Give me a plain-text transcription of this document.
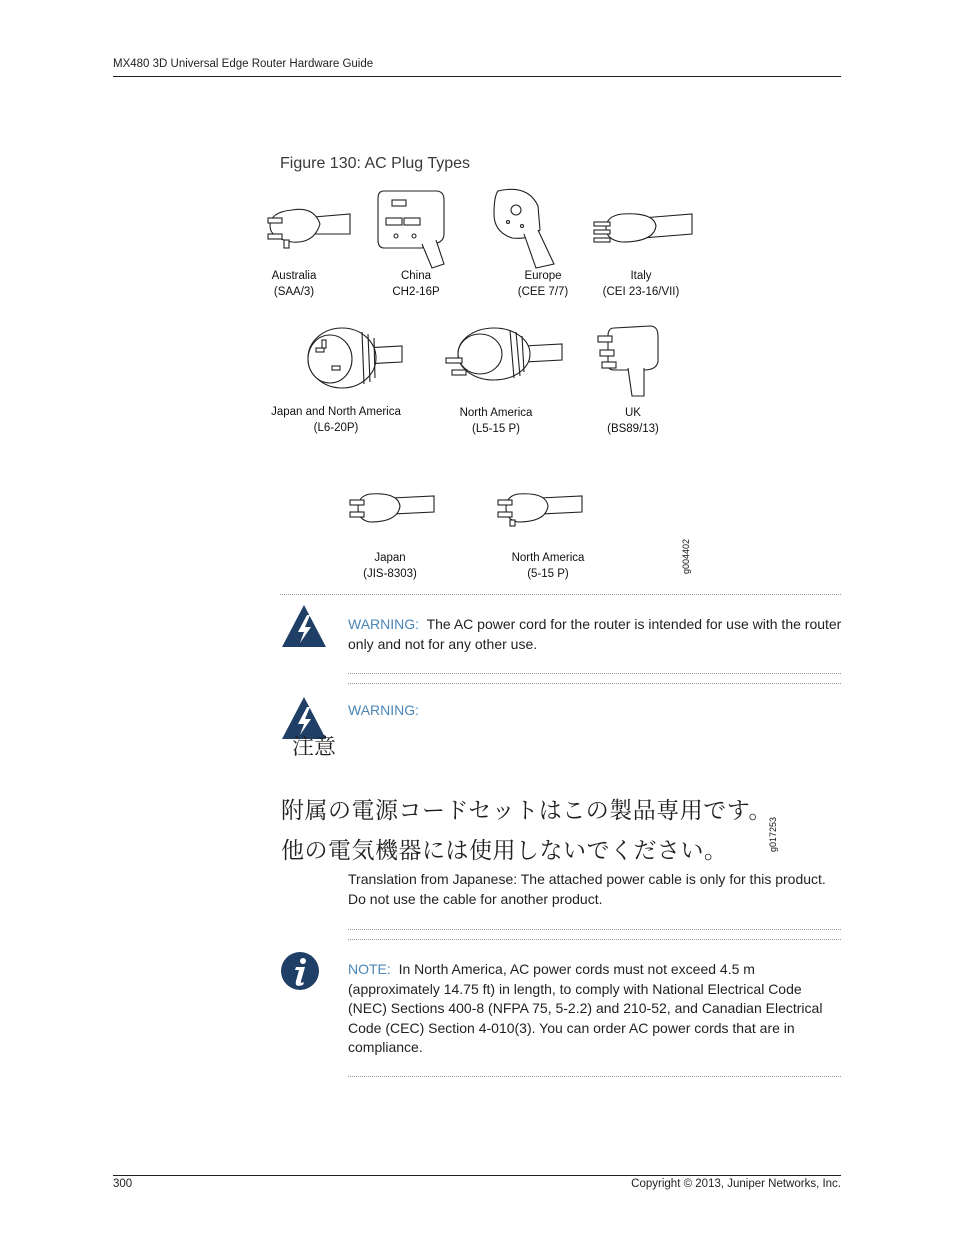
MX480 3D Universal Edge Router Hardware Guide
Figure 130: AC Plug Types
Australia
(SAA/3)
China
CH2-16P
Europe
(CEE 7/7)
Italy
(CEI 23-16/VII)
Japan and North America
(L6-20P)
North America
(L5-15 P)
UK
(BS89/13)
Japan
(JIS-8303)
North America
(5-15 P)	g004402
WARNING: The AC power cord for the router is intended for use with the router only and not for any other use.
WARNING:
注意
附属の電源コードセットはこの製品専用です。
他の電気機器には使用しないでください。	g017253
Translation from Japanese: The attached power cable is only for this product. Do not use the cable for another product.
NOTE: In North America, AC power cords must not exceed 4.5 m (approximately 14.75 ft) in length, to comply with National Electrical Code (NEC) Sections 400-8 (NFPA 75, 5-2.2) and 210-52, and Canadian Electrical Code (CEC) Section 4-010(3). You can order AC power cords that are in compliance.
300	Copyright © 2013, Juniper Networks, Inc.
